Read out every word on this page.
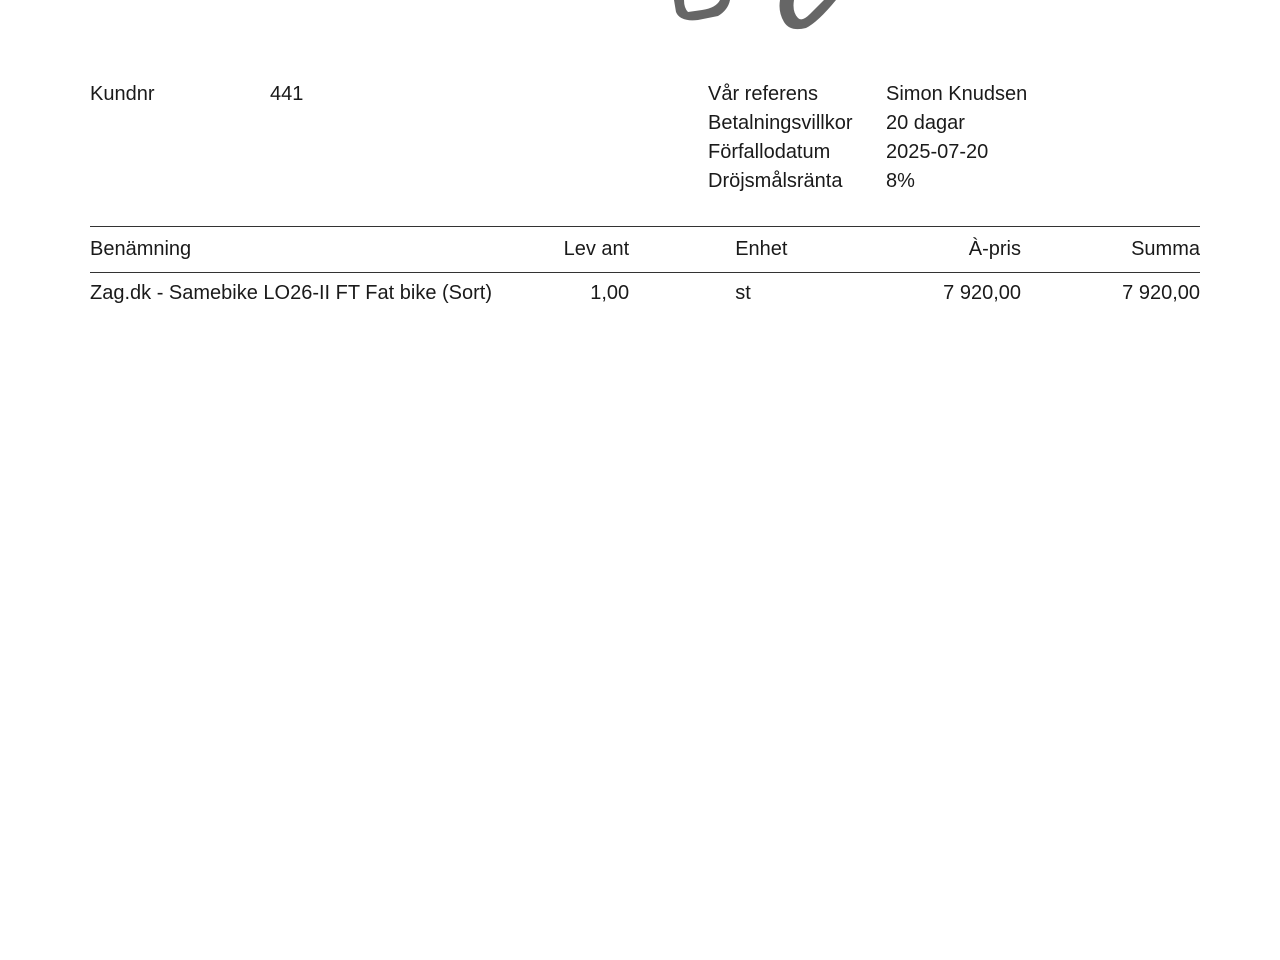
Kundnr	441	Vår referens	Simon Knudsen
Betalningsvillkor	20 dagar
Förfallodatum	2025-07-20
Dröjsmålsränta	8%
Benämning	Lev ant	Enhet	À-pris	Summa
Zag.dk - Samebike LO26-II FT Fat bike (Sort)	1,00	st	7 920,00	7 920,00
